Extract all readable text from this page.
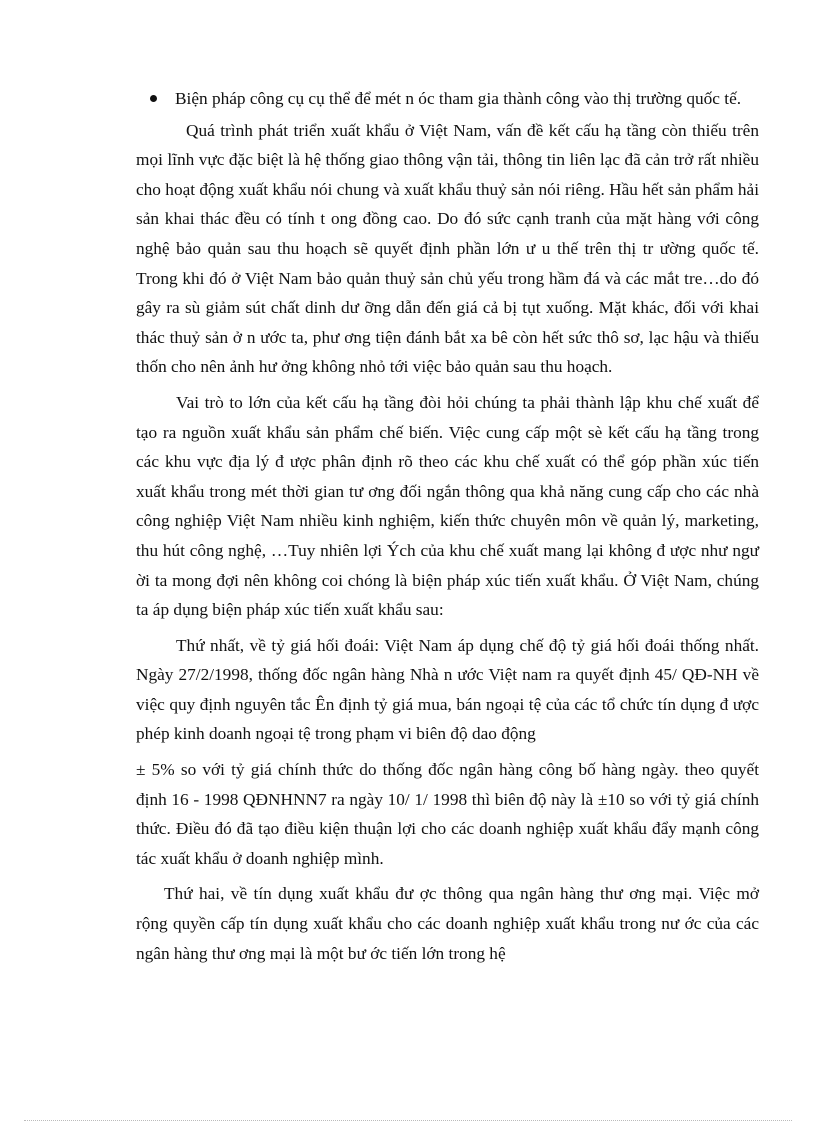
Biện pháp công cụ cụ thể để mét n óc tham gia thành công vào thị trường quốc tế.

Quá trình phát triển xuất khẩu ở Việt Nam, vấn đề kết cấu hạ tầng còn thiếu trên mọi lĩnh vực đặc biệt là hệ thống giao thông vận tải, thông tin liên lạc đã cản trở rất nhiều cho hoạt động xuất khẩu nói chung và xuất khẩu thuỷ sản nói riêng. Hầu hết sản phẩm hải sản khai thác đều có tính t ong đồng cao. Do đó sức cạnh tranh của mặt hàng với công nghệ bảo quản sau thu hoạch sẽ quyết định phần lớn ư u thế trên thị tr ường quốc tế. Trong khi đó ở Việt Nam bảo quản thuỷ sản chủ yếu trong hầm đá và các mắt tre…do đó gây ra sù giảm sút chất dinh dư ỡng dẫn đến giá cả bị tụt xuống. Mặt khác, đối với khai thác thuỷ sản ở n ước ta, phư ơng tiện đánh bắt xa bê còn hết sức thô sơ, lạc hậu và thiếu thốn cho nên ảnh hư ởng không nhỏ tới việc bảo quản sau thu hoạch.

Vai trò to lớn của kết cấu hạ tầng đòi hỏi chúng ta phải thành lập khu chế xuất để tạo ra nguồn xuất khẩu sản phẩm chế biến. Việc cung cấp một sè kết cấu hạ tầng trong các khu vực địa lý đ ược phân định rõ theo các khu chế xuất có thể góp phần xúc tiến xuất khẩu trong mét thời gian tư ơng đối ngắn thông qua khả năng cung cấp cho các nhà công nghiệp Việt Nam nhiều kinh nghiệm, kiến thức chuyên môn về quản lý, marketing, thu hút công nghệ, …Tuy nhiên lợi Ých của khu chế xuất mang lại không đ ược như ngư ời ta mong đợi nên không coi chóng là biện pháp xúc tiến xuất khẩu. Ở Việt Nam, chúng ta áp dụng biện pháp xúc tiến xuất khẩu sau:

Thứ nhất, về tỷ giá hối đoái: Việt Nam áp dụng chế độ tỷ giá hối đoái thống nhất. Ngày 27/2/1998, thống đốc ngân hàng Nhà n ước Việt nam ra quyết định 45/ QĐ-NH về việc quy định nguyên tắc Ên định tỷ giá mua, bán ngoại tệ của các tổ chức tín dụng đ ược phép kinh doanh ngoại tệ trong phạm vi biên độ dao động

± 5% so với tỷ giá chính thức do thống đốc ngân hàng công bố hàng ngày. theo quyết định 16 - 1998 QĐNHNN7 ra ngày 10/ 1/ 1998 thì biên độ này là ±10 so với tỷ giá chính thức. Điều đó đã tạo điều kiện thuận lợi cho các doanh nghiệp xuất khẩu đẩy mạnh công tác xuất khẩu ở doanh nghiệp mình.

Thứ hai, về tín dụng xuất khẩu đư ợc thông qua ngân hàng thư ơng mại. Việc mở rộng quyền cấp tín dụng xuất khẩu cho các doanh nghiệp xuất khẩu trong nư ớc của các ngân hàng thư ơng mại là một bư ớc tiến lớn trong hệ
